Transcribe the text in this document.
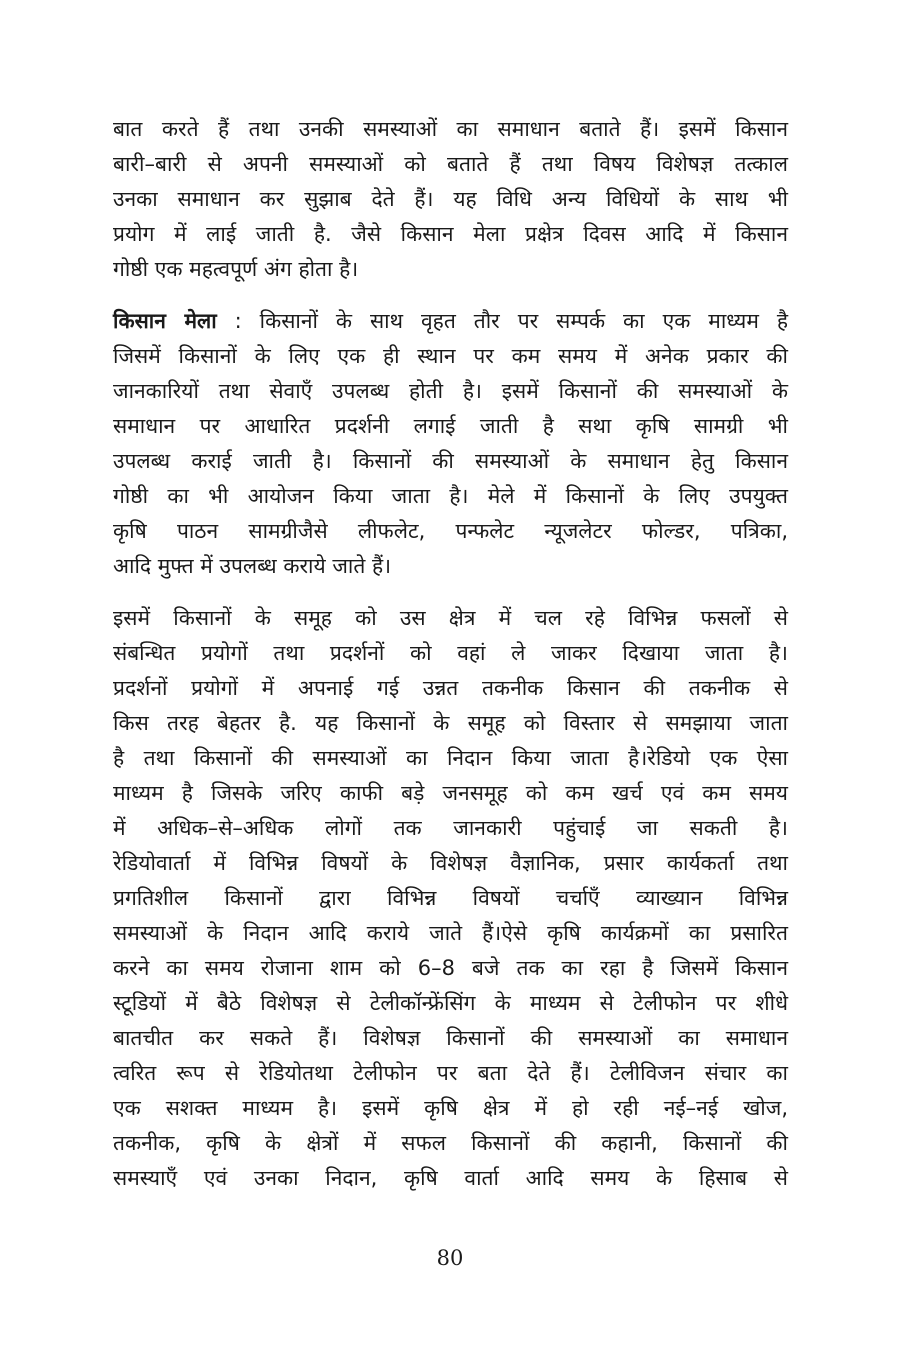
बात करते हैं तथा उनकी समस्याओं का समाधान बताते हैं। इसमें किसान
बारी–बारी से अपनी समस्याओं को बताते हैं तथा विषय विशेषज्ञ तत्काल
उनका समाधान कर सुझाब देते हैं। यह विधि अन्य विधियों के साथ भी
प्रयोग में लाई जाती है. जैसे किसान मेला प्रक्षेत्र दिवस आदि में किसान
गोष्ठी एक महत्वपूर्ण अंग होता है।
किसान मेला : किसानों के साथ वृहत तौर पर सम्पर्क का एक माध्यम है
जिसमें किसानों के लिए एक ही स्थान पर कम समय में अनेक प्रकार की
जानकारियों तथा सेवाएँ उपलब्ध होती है। इसमें किसानों की समस्याओं के
समाधान पर आधारित प्रदर्शनी लगाई जाती है सथा कृषि सामग्री भी
उपलब्ध कराई जाती है। किसानों की समस्याओं के समाधान हेतु किसान
गोष्ठी का भी आयोजन किया जाता है। मेले में किसानों के लिए उपयुक्त
कृषि पाठन सामग्रीजैसे लीफलेट, पन्फलेट न्यूजलेटर फोल्डर, पत्रिका,
आदि मुफ्त में उपलब्ध कराये जाते हैं।
इसमें किसानों के समूह को उस क्षेत्र में चल रहे विभिन्न फसलों से
संबन्धित प्रयोगों तथा प्रदर्शनों को वहां ले जाकर दिखाया जाता है।
प्रदर्शनों प्रयोगों में अपनाई गई उन्नत तकनीक किसान की तकनीक से
किस तरह बेहतर है. यह किसानों के समूह को विस्तार से समझाया जाता
है तथा किसानों की समस्याओं का निदान किया जाता है।रेडियो एक ऐसा
माध्यम है जिसके जरिए काफी बड़े जनसमूह को कम खर्च एवं कम समय
में अधिक–से–अधिक लोगों तक जानकारी पहुंचाई जा सकती है।
रेडियोवार्ता में विभिन्न विषयों के विशेषज्ञ वैज्ञानिक, प्रसार कार्यकर्ता तथा
प्रगतिशील किसानों द्वारा विभिन्न विषयों चर्चाएँ व्याख्यान विभिन्न
समस्याओं के निदान आदि कराये जाते हैं।ऐसे कृषि कार्यक्रमों का प्रसारित
करने का समय रोजाना शाम को 6–8 बजे तक का रहा है जिसमें किसान
स्टूडियों में बैठे विशेषज्ञ से टेलीकॉन्फ्रेंसिंग के माध्यम से टेलीफोन पर शीधे
बातचीत कर सकते हैं। विशेषज्ञ किसानों की समस्याओं का समाधान
त्वरित रूप से रेडियोतथा टेलीफोन पर बता देते हैं। टेलीविजन संचार का
एक सशक्त माध्यम है। इसमें कृषि क्षेत्र में हो रही नई–नई खोज,
तकनीक, कृषि के क्षेत्रों में सफल किसानों की कहानी, किसानों की
समस्याएँ एवं उनका निदान, कृषि वार्ता आदि समय के हिसाब से
80
